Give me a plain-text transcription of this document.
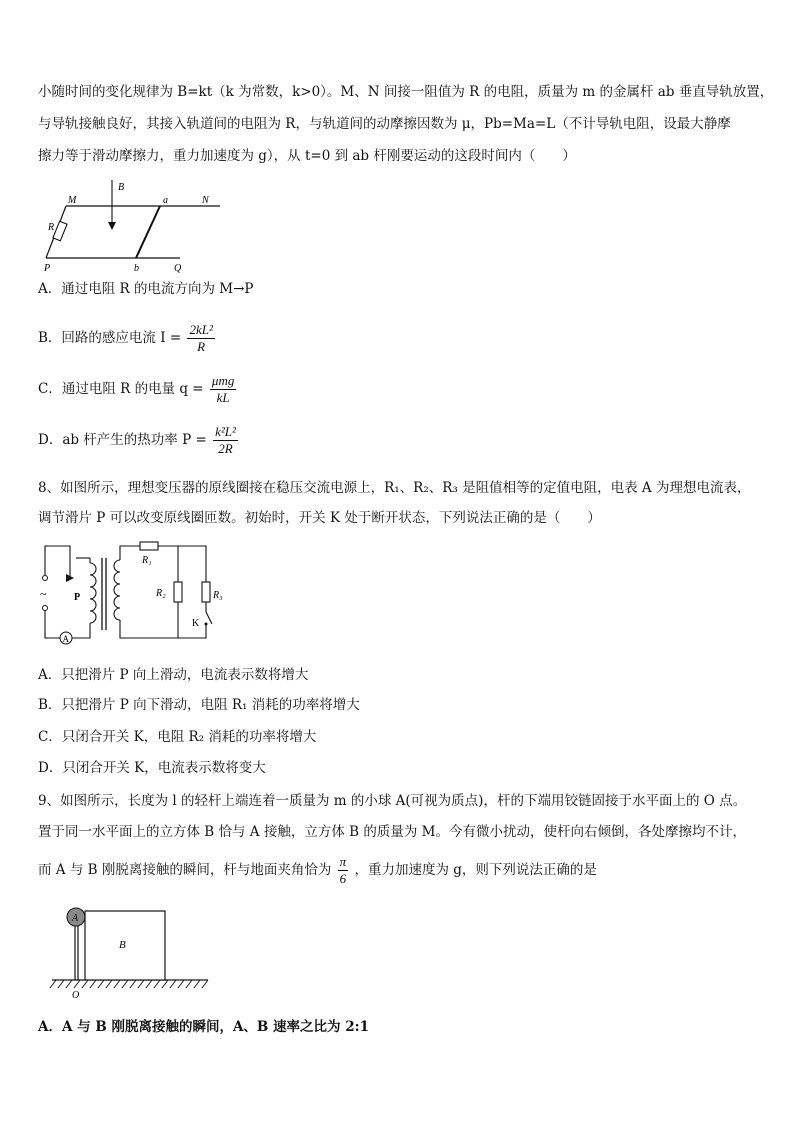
小随时间的变化规律为 B=kt（k 为常数，k>0）。M、N 间接一阻值为 R 的电阻，质量为 m 的金属杆 ab 垂直导轨放置，
与导轨接触良好，其接入轨道间的电阻为 R，与轨道间的动摩擦因数为 μ，Pb=Ma=L（不计导轨电阻，设最大静摩
擦力等于滑动摩擦力，重力加速度为 g），从 t=0 到 ab 杆刚要运动的这段时间内（　　）
B
M	a	N
R
P	b	Q
A．通过电阻 R 的电流方向为 M→P
B．回路的感应电流 $I = \frac{\text{2kL²}}{R}$
C．通过电阻 R 的电量 $q = \frac{\text{μmg}}{kL}$
D．ab 杆产生的热功率 $P = \frac{\text{k²L²}}{2R}$
8、如图所示，理想变压器的原线圈接在稳压交流电源上，R₁、R₂、R₃ 是阻值相等的定值电阻，电表 A 为理想电流表，
调节滑片 P 可以改变原线圈匝数。初始时，开关 K 处于断开状态，下列说法正确的是（　　）
~
A
P
R₁
R₂	R₃
K
A．只把滑片 P 向上滑动，电流表示数将增大
B．只把滑片 P 向下滑动，电阻 R₁ 消耗的功率将增大
C．只闭合开关 K，电阻 R₂ 消耗的功率将增大
D．只闭合开关 K，电流表示数将变大
9、如图所示，长度为 l 的轻杆上端连着一质量为 m 的小球 A(可视为质点)，杆的下端用铰链固接于水平面上的 O 点。
置于同一水平面上的立方体 B 恰与 A 接触，立方体 B 的质量为 M。今有微小扰动，使杆向右倾倒，各处摩擦均不计，
而 A 与 B 刚脱离接触的瞬间，杆与地面夹角恰为 $\frac{\pi}{6}$ ，重力加速度为 g，则下列说法正确的是
A
B
O
A．A 与 B 刚脱离接触的瞬间，A、B 速率之比为 2:1
